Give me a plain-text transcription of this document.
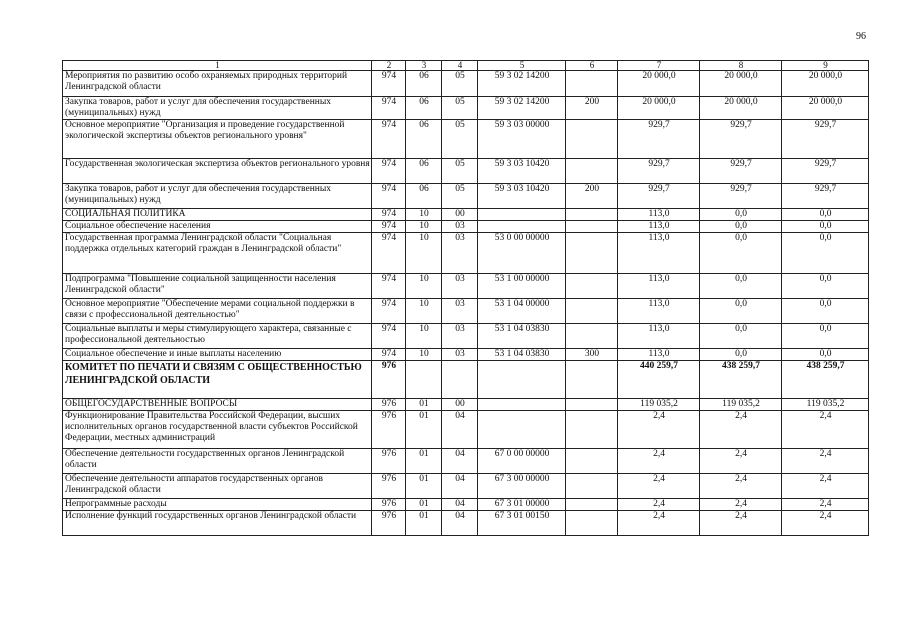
96
1	2	3	4	5	6	7	8	9
Мероприятия по развитию особо охраняемых природных территорий Ленинградской области	974	06	05	59 3 02 14200		20 000,0	20 000,0	20 000,0
Закупка товаров, работ и услуг для обеспечения государственных (муниципальных) нужд	974	06	05	59 3 02 14200	200	20 000,0	20 000,0	20 000,0
Основное мероприятие "Организация и проведение государственной экологической экспертизы объектов регионального уровня"	974	06	05	59 3 03 00000		929,7	929,7	929,7
Государственная экологическая экспертиза объектов регионального уровня	974	06	05	59 3 03 10420		929,7	929,7	929,7
Закупка товаров, работ и услуг для обеспечения государственных (муниципальных) нужд	974	06	05	59 3 03 10420	200	929,7	929,7	929,7
СОЦИАЛЬНАЯ ПОЛИТИКА	974	10	00			113,0	0,0	0,0
Социальное обеспечение населения	974	10	03			113,0	0,0	0,0
Государственная программа Ленинградской области "Социальная поддержка отдельных категорий граждан в Ленинградской области"	974	10	03	53 0 00 00000		113,0	0,0	0,0
Подпрограмма "Повышение социальной защищенности населения Ленинградской области"	974	10	03	53 1 00 00000		113,0	0,0	0,0
Основное мероприятие "Обеспечение мерами социальной поддержки в связи с профессиональной деятельностью"	974	10	03	53 1 04 00000		113,0	0,0	0,0
Социальные выплаты и меры стимулирующего характера, связанные с профессиональной деятельностью	974	10	03	53 1 04 03830		113,0	0,0	0,0
Социальное обеспечение и иные выплаты населению	974	10	03	53 1 04 03830	300	113,0	0,0	0,0
КОМИТЕТ ПО ПЕЧАТИ И СВЯЗЯМ С ОБЩЕСТВЕННОСТЬЮ ЛЕНИНГРАДСКОЙ ОБЛАСТИ	976					440 259,7	438 259,7	438 259,7
ОБЩЕГОСУДАРСТВЕННЫЕ ВОПРОСЫ	976	01	00			119 035,2	119 035,2	119 035,2
Функционирование Правительства Российской Федерации, высших исполнительных органов государственной власти субъектов Российской Федерации, местных администраций	976	01	04			2,4	2,4	2,4
Обеспечение деятельности государственных органов Ленинградской области	976	01	04	67 0 00 00000		2,4	2,4	2,4
Обеспечение деятельности аппаратов государственных органов Ленинградской области	976	01	04	67 3 00 00000		2,4	2,4	2,4
Непрограммные расходы	976	01	04	67 3 01 00000		2,4	2,4	2,4
Исполнение функций государственных органов Ленинградской области	976	01	04	67 3 01 00150		2,4	2,4	2,4
